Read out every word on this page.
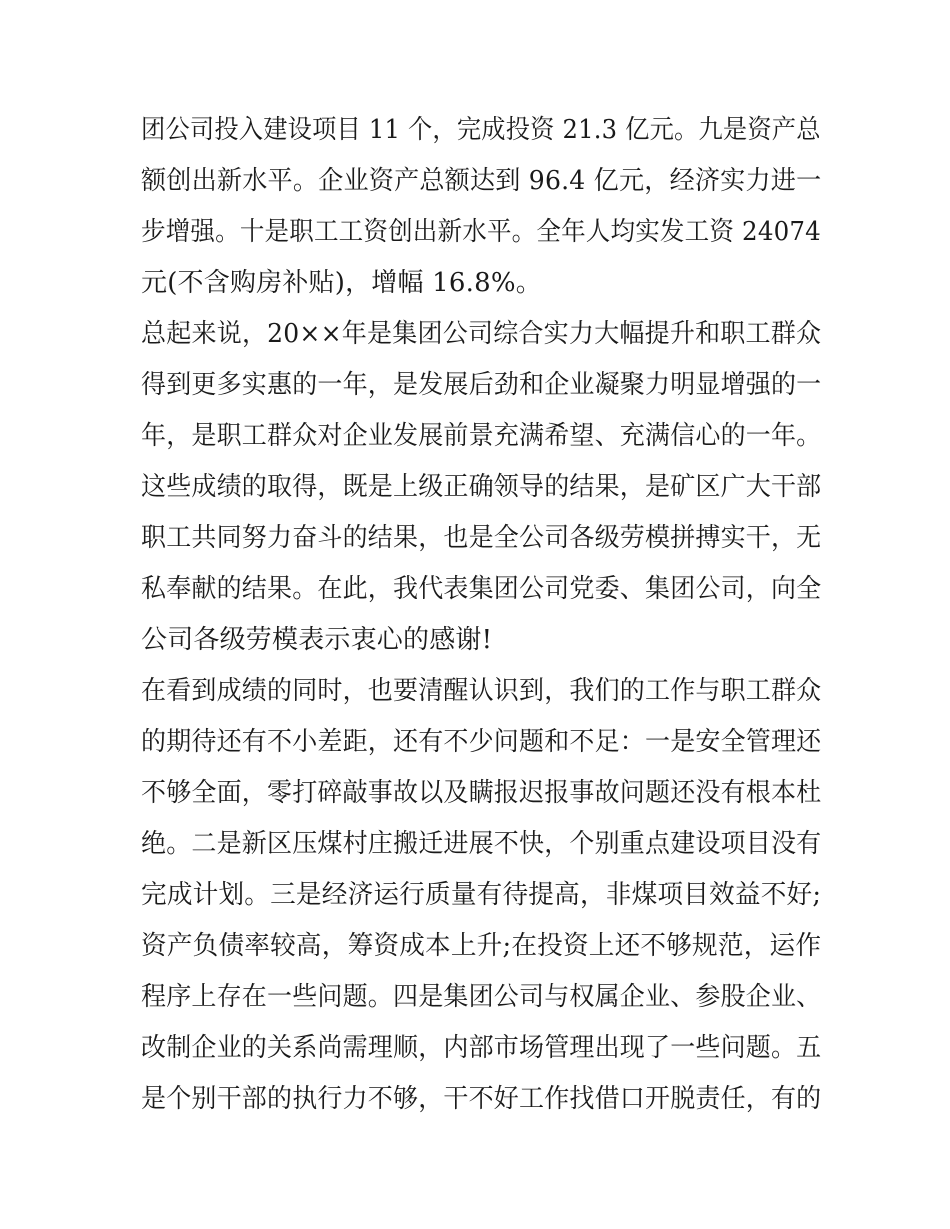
团公司投入建设项目 11 个，完成投资 21.3 亿元。九是资产总
额创出新水平。企业资产总额达到 96.4 亿元，经济实力进一
步增强。十是职工工资创出新水平。全年人均实发工资 24074
元(不含购房补贴)，增幅 16.8%。
总起来说，20××年是集团公司综合实力大幅提升和职工群众
得到更多实惠的一年，是发展后劲和企业凝聚力明显增强的一
年，是职工群众对企业发展前景充满希望、充满信心的一年。
这些成绩的取得，既是上级正确领导的结果，是矿区广大干部
职工共同努力奋斗的结果，也是全公司各级劳模拼搏实干，无
私奉献的结果。在此，我代表集团公司党委、集团公司，向全
公司各级劳模表示衷心的感谢!
在看到成绩的同时，也要清醒认识到，我们的工作与职工群众
的期待还有不小差距，还有不少问题和不足：一是安全管理还
不够全面，零打碎敲事故以及瞒报迟报事故问题还没有根本杜
绝。二是新区压煤村庄搬迁进展不快，个别重点建设项目没有
完成计划。三是经济运行质量有待提高，非煤项目效益不好;
资产负债率较高，筹资成本上升;在投资上还不够规范，运作
程序上存在一些问题。四是集团公司与权属企业、参股企业、
改制企业的关系尚需理顺，内部市场管理出现了一些问题。五
是个别干部的执行力不够，干不好工作找借口开脱责任，有的
